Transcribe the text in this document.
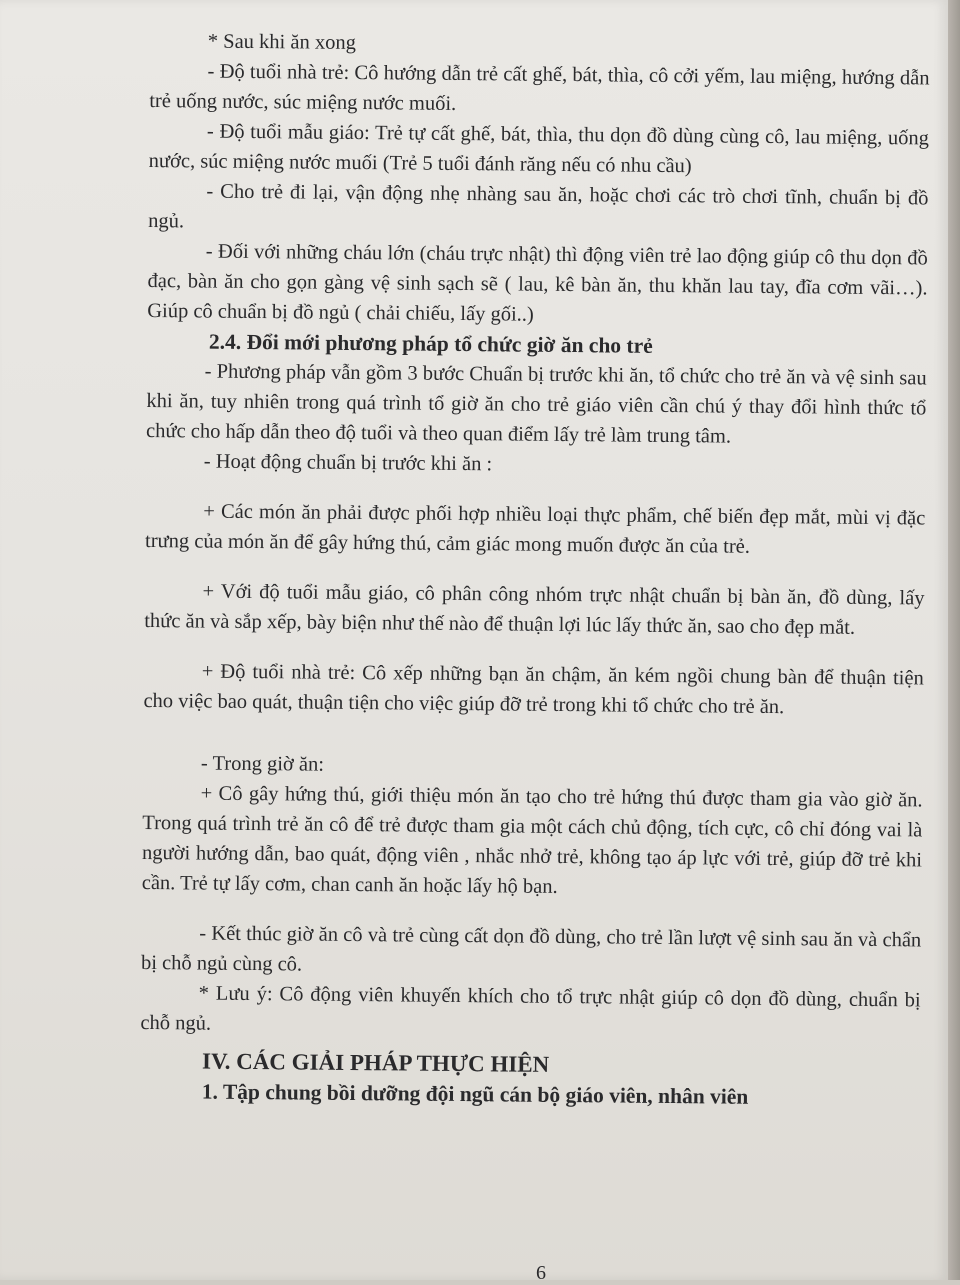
* Sau khi ăn xong

- Độ tuổi nhà trẻ: Cô hướng dẫn trẻ cất ghế, bát, thìa, cô cởi yếm, lau miệng, hướng dẫn trẻ uống nước, súc miệng nước muối.

- Độ tuổi mẫu giáo: Trẻ tự cất ghế, bát, thìa, thu dọn đồ dùng cùng cô, lau miệng, uống nước, súc miệng nước muối (Trẻ 5 tuổi đánh răng nếu có nhu cầu)

- Cho trẻ đi lại, vận động nhẹ nhàng sau ăn, hoặc chơi các trò chơi tĩnh, chuẩn bị đồ ngủ.

- Đối với những cháu lớn (cháu trực nhật) thì động viên trẻ lao động giúp cô thu dọn đồ đạc, bàn ăn cho gọn gàng vệ sinh sạch sẽ ( lau, kê bàn ăn, thu khăn lau tay, đĩa cơm vãi…). Giúp cô chuẩn bị đồ ngủ ( chải chiếu, lấy gối..)

2.4. Đổi mới phương pháp tổ chức giờ ăn cho trẻ

- Phương pháp vẫn gồm 3 bước Chuẩn bị trước khi ăn, tổ chức cho trẻ ăn và vệ sinh sau khi ăn, tuy nhiên trong quá trình tổ giờ ăn cho trẻ giáo viên cần chú ý thay đổi hình thức tổ chức cho hấp dẫn theo độ tuổi và theo quan điểm lấy trẻ làm trung tâm.

- Hoạt động chuẩn bị trước khi ăn :

+ Các món ăn phải được phối hợp nhiều loại thực phẩm, chế biến đẹp mắt, mùi vị đặc trưng của món ăn để gây hứng thú, cảm giác mong muốn được ăn của trẻ.

+ Với độ tuổi mẫu giáo, cô phân công nhóm trực nhật chuẩn bị bàn ăn, đồ dùng, lấy thức ăn và sắp xếp, bày biện như thế nào để thuận lợi lúc lấy thức ăn, sao cho đẹp mắt.

+ Độ tuổi nhà trẻ: Cô xếp những bạn ăn chậm, ăn kém ngồi chung bàn để thuận tiện cho việc bao quát, thuận tiện cho việc giúp đỡ trẻ trong khi tổ chức cho trẻ ăn.

- Trong giờ ăn:

+ Cô gây hứng thú, giới thiệu món ăn tạo cho trẻ hứng thú được tham gia vào giờ ăn. Trong quá trình trẻ ăn cô để trẻ được tham gia một cách chủ động, tích cực, cô chỉ đóng vai là người hướng dẫn, bao quát, động viên , nhắc nhở trẻ, không tạo áp lực với trẻ, giúp đỡ trẻ khi cần. Trẻ tự lấy cơm, chan canh ăn hoặc lấy hộ bạn.

- Kết thúc giờ ăn cô và trẻ cùng cất dọn đồ dùng, cho trẻ lần lượt vệ sinh sau ăn và chẩn bị chỗ ngủ cùng cô.

* Lưu ý: Cô động viên khuyến khích cho tổ trực nhật giúp cô dọn đồ dùng, chuẩn bị chỗ ngủ.

IV. CÁC GIẢI PHÁP THỰC HIỆN

1. Tập chung bồi dưỡng đội ngũ cán bộ giáo viên, nhân viên

6
